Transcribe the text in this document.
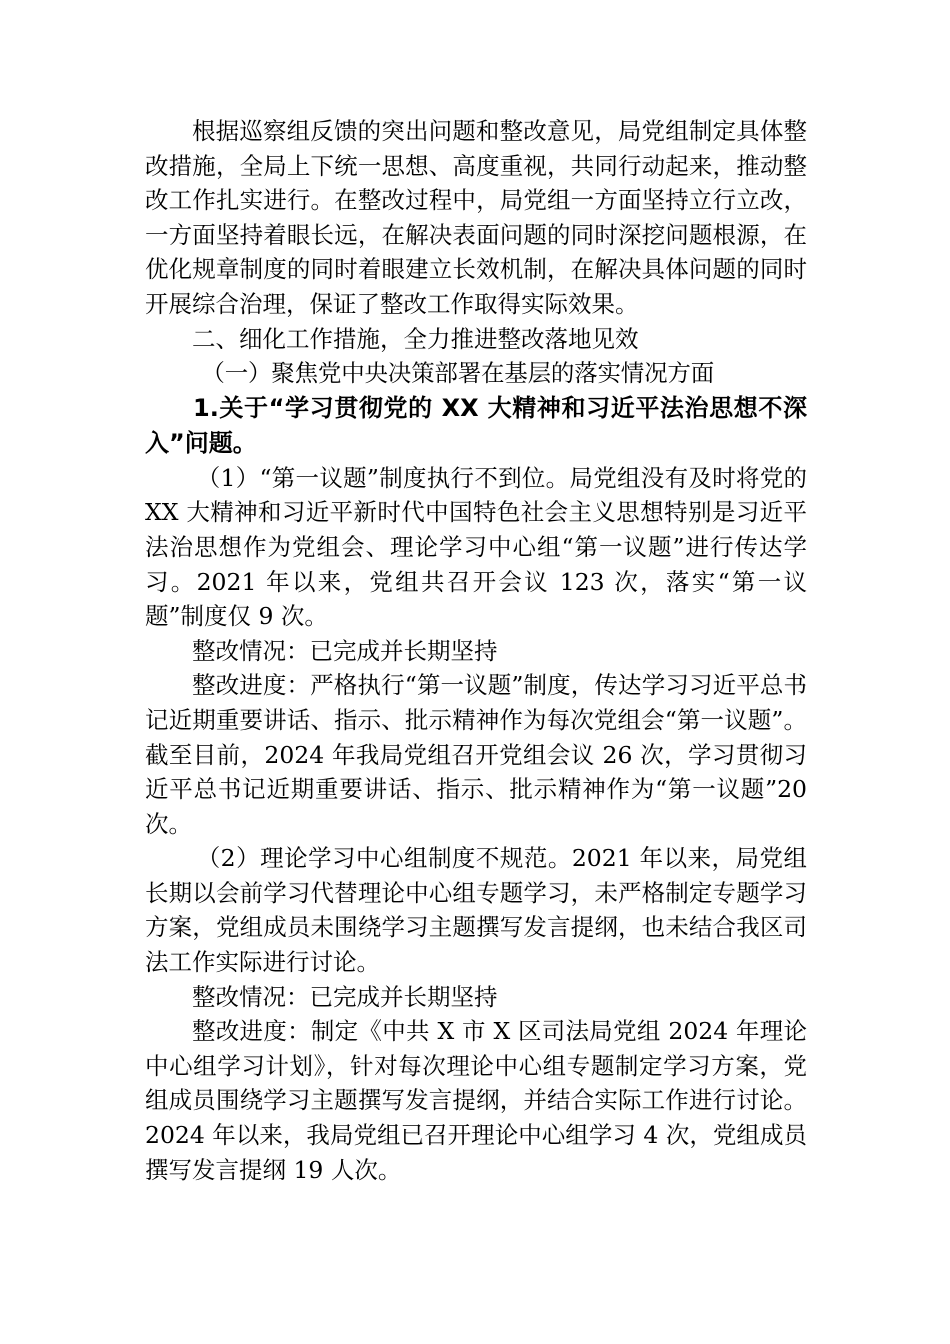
根据巡察组反馈的突出问题和整改意见，局党组制定具体整改措施，全局上下统一思想、高度重视，共同行动起来，推动整改工作扎实进行。在整改过程中，局党组一方面坚持立行立改，一方面坚持着眼长远，在解决表面问题的同时深挖问题根源，在优化规章制度的同时着眼建立长效机制，在解决具体问题的同时开展综合治理，保证了整改工作取得实际效果。

二、细化工作措施，全力推进整改落地见效

（一）聚焦党中央决策部署在基层的落实情况方面

1.关于“学习贯彻党的 XX 大精神和习近平法治思想不深入”问题。

（1）“第一议题”制度执行不到位。局党组没有及时将党的 XX 大精神和习近平新时代中国特色社会主义思想特别是习近平法治思想作为党组会、理论学习中心组“第一议题”进行传达学习。2021 年以来，党组共召开会议 123 次，落实“第一议题”制度仅 9 次。

整改情况：已完成并长期坚持

整改进度：严格执行“第一议题”制度，传达学习习近平总书记近期重要讲话、指示、批示精神作为每次党组会“第一议题”。截至目前，2024 年我局党组召开党组会议 26 次，学习贯彻习近平总书记近期重要讲话、指示、批示精神作为“第一议题”20 次。

（2）理论学习中心组制度不规范。2021 年以来，局党组长期以会前学习代替理论中心组专题学习，未严格制定专题学习方案，党组成员未围绕学习主题撰写发言提纲，也未结合我区司法工作实际进行讨论。

整改情况：已完成并长期坚持

整改进度：制定《中共 X 市 X 区司法局党组 2024 年理论中心组学习计划》，针对每次理论中心组专题制定学习方案，党组成员围绕学习主题撰写发言提纲，并结合实际工作进行讨论。2024 年以来，我局党组已召开理论中心组学习 4 次，党组成员撰写发言提纲 19 人次。
